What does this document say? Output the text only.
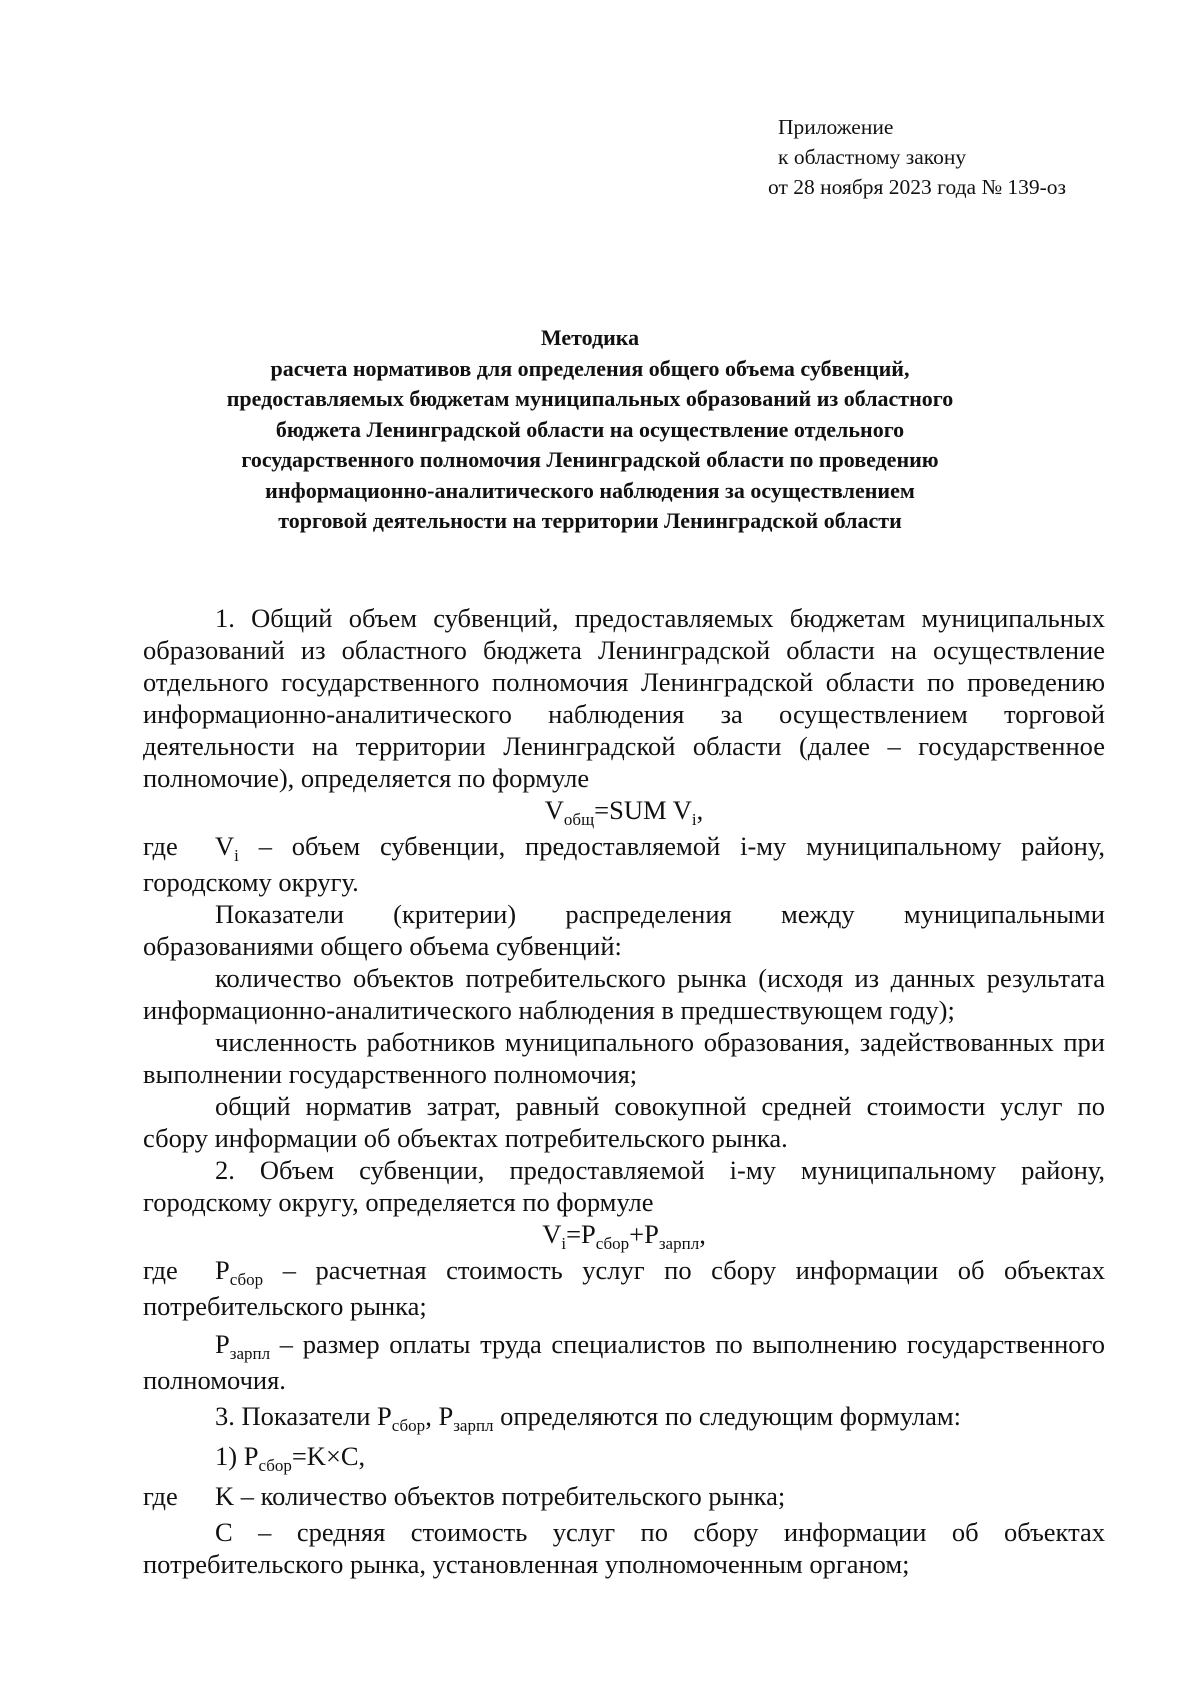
Приложение
к областному закону
от 28 ноября 2023 года № 139-оз
Методика
расчета нормативов для определения общего объема субвенций,
предоставляемых бюджетам муниципальных образований из областного
бюджета Ленинградской области на осуществление отдельного
государственного полномочия Ленинградской области по проведению
информационно-аналитического наблюдения за осуществлением
торговой деятельности на территории Ленинградской области

1. Общий объем субвенций, предоставляемых бюджетам муниципальных образований из областного бюджета Ленинградской области на осуществление отдельного государственного полномочия Ленинградской области по проведению информационно-аналитического наблюдения за осуществлением торговой деятельности на территории Ленинградской области (далее – государственное полномочие), определяется по формуле

$V_{общ}=SUM$ $V_i$,

где	$V_i$ – объем субвенции, предоставляемой i-му муниципальному району,
городскому округу.

Показатели (критерии) распределения между муниципальными образованиями общего объема субвенций:

количество объектов потребительского рынка (исходя из данных результата информационно-аналитического наблюдения в предшествующем году);

численность работников муниципального образования, задействованных при выполнении государственного полномочия;

общий норматив затрат, равный совокупной средней стоимости услуг по сбору информации об объектах потребительского рынка.

2. Объем субвенции, предоставляемой i-му муниципальному району, городскому округу, определяется по формуле

$V_i=P_{сбор}+P_{зарпл}$,

где	$P_{сбор}$ – расчетная стоимость услуг по сбору информации об объектах
потребительского рынка;

$P_{зарпл}$ – размер оплаты труда специалистов по выполнению государственного полномочия.

3. Показатели $P_{сбор}$, $P_{зарпл}$ определяются по следующим формулам:

1) $P_{сбор}=K\times C$,

где	K – количество объектов потребительского рынка;
C – средняя стоимость услуг по сбору информации об объектах
потребительского рынка, установленная уполномоченным органом;
